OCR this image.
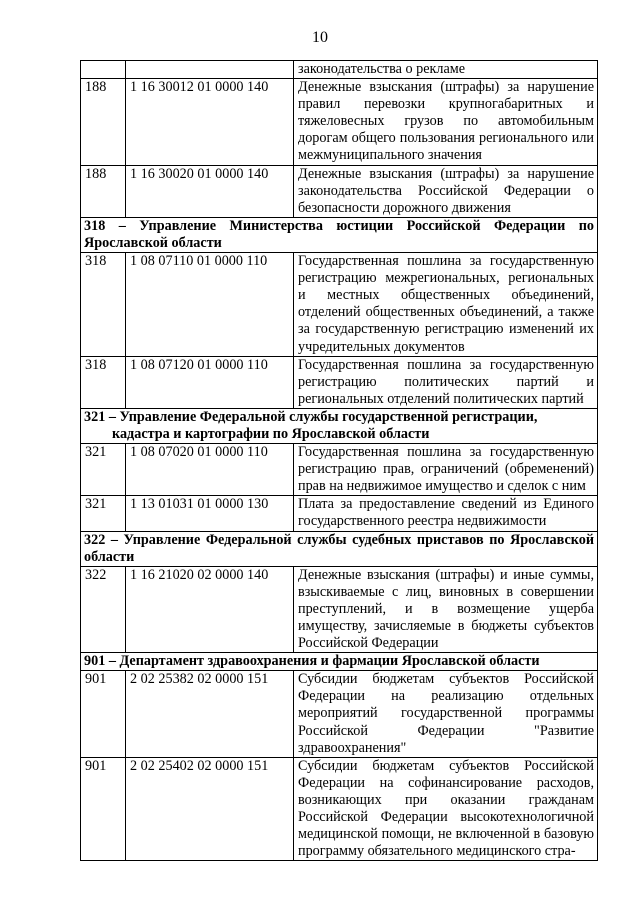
10
		законодательства о рекламе
188	1 16 30012 01 0000 140	Денежные взыскания (штрафы) за нарушение правил перевозки крупногабаритных и тяжеловесных грузов по автомобильным дорогам общего пользования регионального или межмуниципального значения
188	1 16 30020 01 0000 140	Денежные взыскания (штрафы) за нарушение законодательства Российской Федерации о безопасности дорожного движения
318 – Управление Министерства юстиции Российской Федерации по Ярославской области		
318	1 08 07110 01 0000 110	Государственная пошлина за государственную регистрацию межрегиональных, региональных и местных общественных объединений, отделений общественных объединений, а также за государственную регистрацию изменений их учредительных документов
318	1 08 07120 01 0000 110	Государственная пошлина за государственную регистрацию политических партий и региональных отделений политических партий
321 – Управление Федеральной службы государственной регистрации,
кадастра и картографии по Ярославской области		

321	1 08 07020 01 0000 110	Государственная пошлина за государственную регистрацию прав, ограничений (обременений) прав на недвижимое имущество и сделок с ним
321	1 13 01031 01 0000 130	Плата за предоставление сведений из Единого государственного реестра недвижимости
322 – Управление Федеральной службы судебных приставов по Ярославской области		
322	1 16 21020 02 0000 140	Денежные взыскания (штрафы) и иные суммы, взыскиваемые с лиц, виновных в совершении преступлений, и в возмещение ущерба имуществу, зачисляемые в бюджеты субъектов Российской Федерации
901 – Департамент здравоохранения и фармации Ярославской области		
901	2 02 25382 02 0000 151	Субсидии бюджетам субъектов Российской Федерации на реализацию отдельных мероприятий государственной программы Российской Федерации "Развитие здравоохранения"
901	2 02 25402 02 0000 151	Субсидии бюджетам субъектов Российской Федерации на софинансирование расходов, возникающих при оказании гражданам Российской Федерации высокотехнологичной медицинской помощи, не включенной в базовую программу обязательного медицинского стра-
